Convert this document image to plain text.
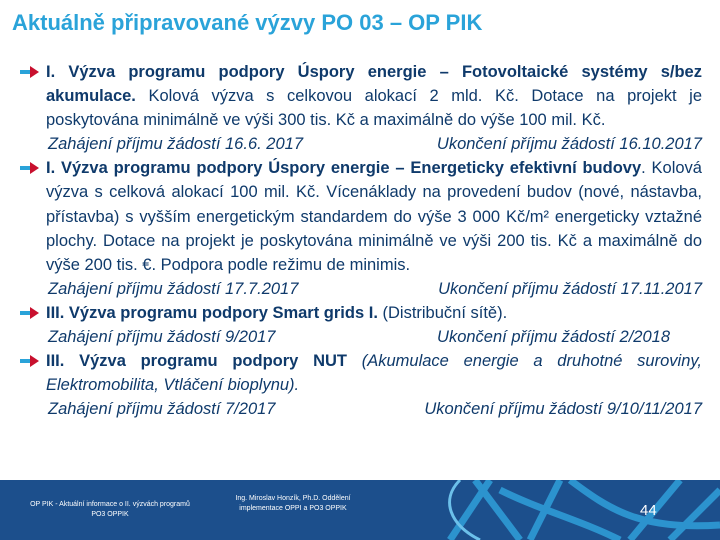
Aktuálně připravované výzvy PO 03 – OP PIK
I. Výzva programu podpory Úspory energie – Fotovoltaické systémy s/bez akumulace. Kolová výzva s celkovou alokací 2 mld. Kč. Dotace na projekt je poskytována minimálně ve výši 300 tis. Kč a maximálně do výše 100 mil. Kč.
Zahájení příjmu žádostí 16.6. 2017	Ukončení příjmu žádostí 16.10.2017
I. Výzva programu podpory Úspory energie – Energeticky efektivní budovy. Kolová výzva s celková alokací 100 mil. Kč. Vícenáklady na provedení budov (nové, nástavba, přístavba) s vyšším energetickým standardem do výše 3 000 Kč/m² energeticky vztažné plochy. Dotace na projekt je poskytována minimálně ve výši 200 tis. Kč a maximálně do výše 200 tis. €. Podpora podle režimu de minimis.
Zahájení příjmu žádostí 17.7.2017	Ukončení příjmu žádostí 17.11.2017
III. Výzva programu podpory Smart grids I. (Distribuční sítě).
Zahájení příjmu žádostí 9/2017	Ukončení příjmu žádostí 2/2018
III. Výzva programu podpory NUT (Akumulace energie a druhotné suroviny, Elektromobilita, Vtláčení bioplynu).
Zahájení příjmu žádostí 7/2017	Ukončení příjmu žádostí 9/10/11/2017
OP PIK - Aktuální informace o II. výzvách programů PO3 OPPIK
Ing. Miroslav Honzík, Ph.D. Oddělení implementace OPPI a PO3 OPPIK	44
